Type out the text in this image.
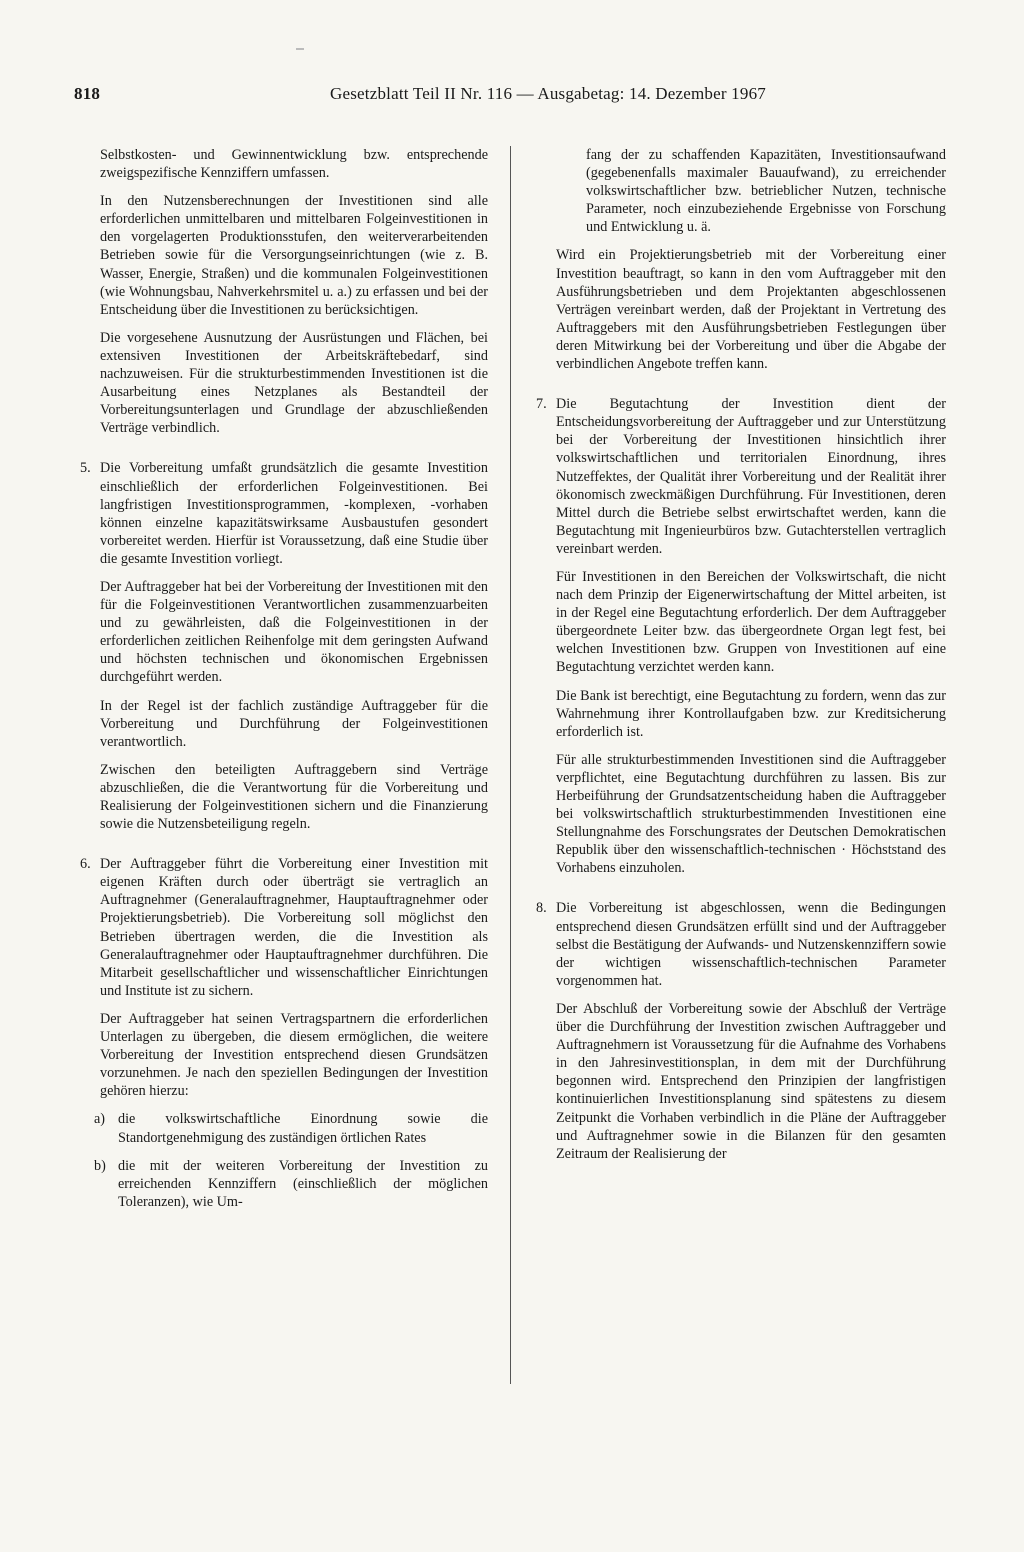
818	Gesetzblatt Teil II Nr. 116 — Ausgabetag: 14. Dezember 1967

Selbstkosten- und Gewinnentwicklung bzw. entsprechende zweigspezifische Kennziffern umfassen.

In den Nutzensberechnungen der Investitionen sind alle erforderlichen unmittelbaren und mittelbaren Folgeinvestitionen in den vorgelagerten Produktionsstufen, den weiterverarbeitenden Betrieben sowie für die Versorgungseinrichtungen (wie z. B. Wasser, Energie, Straßen) und die kommunalen Folgeinvestitionen (wie Wohnungsbau, Nahverkehrsmitel u. a.) zu erfassen und bei der Entscheidung über die Investitionen zu berücksichtigen.

Die vorgesehene Ausnutzung der Ausrüstungen und Flächen, bei extensiven Investitionen der Arbeitskräftebedarf, sind nachzuweisen. Für die strukturbestimmenden Investitionen ist die Ausarbeitung eines Netzplanes als Bestandteil der Vorbereitungsunterlagen und Grundlage der abzuschließenden Verträge verbindlich.

5. Die Vorbereitung umfaßt grundsätzlich die gesamte Investition einschließlich der erforderlichen Folgeinvestitionen. Bei langfristigen Investitionsprogrammen, -komplexen, -vorhaben können einzelne kapazitätswirksame Ausbaustufen gesondert vorbereitet werden. Hierfür ist Voraussetzung, daß eine Studie über die gesamte Investition vorliegt.

Der Auftraggeber hat bei der Vorbereitung der Investitionen mit den für die Folgeinvestitionen Verantwortlichen zusammenzuarbeiten und zu gewährleisten, daß die Folgeinvestitionen in der erforderlichen zeitlichen Reihenfolge mit dem geringsten Aufwand und höchsten technischen und ökonomischen Ergebnissen durchgeführt werden.

In der Regel ist der fachlich zuständige Auftraggeber für die Vorbereitung und Durchführung der Folgeinvestitionen verantwortlich.

Zwischen den beteiligten Auftraggebern sind Verträge abzuschließen, die die Verantwortung für die Vorbereitung und Realisierung der Folgeinvestitionen sichern und die Finanzierung sowie die Nutzensbeteiligung regeln.

6. Der Auftraggeber führt die Vorbereitung einer Investition mit eigenen Kräften durch oder überträgt sie vertraglich an Auftragnehmer (Generalauftragnehmer, Hauptauftragnehmer oder Projektierungsbetrieb). Die Vorbereitung soll möglichst den Betrieben übertragen werden, die die Investition als Generalauftragnehmer oder Hauptauftragnehmer durchführen. Die Mitarbeit gesellschaftlicher und wissenschaftlicher Einrichtungen und Institute ist zu sichern.

Der Auftraggeber hat seinen Vertragspartnern die erforderlichen Unterlagen zu übergeben, die diesem ermöglichen, die weitere Vorbereitung der Investition entsprechend diesen Grundsätzen vorzunehmen. Je nach den speziellen Bedingungen der Investition gehören hierzu:

a) die volkswirtschaftliche Einordnung sowie die Standortgenehmigung des zuständigen örtlichen Rates

b) die mit der weiteren Vorbereitung der Investition zu erreichenden Kennziffern (einschließlich der möglichen Toleranzen), wie Um-

fang der zu schaffenden Kapazitäten, Investitionsaufwand (gegebenenfalls maximaler Bauaufwand), zu erreichender volkswirtschaftlicher bzw. betrieblicher Nutzen, technische Parameter, noch einzubeziehende Ergebnisse von Forschung und Entwicklung u. ä.

Wird ein Projektierungsbetrieb mit der Vorbereitung einer Investition beauftragt, so kann in den vom Auftraggeber mit den Ausführungsbetrieben und dem Projektanten abgeschlossenen Verträgen vereinbart werden, daß der Projektant in Vertretung des Auftraggebers mit den Ausführungsbetrieben Festlegungen über deren Mitwirkung bei der Vorbereitung und über die Abgabe der verbindlichen Angebote treffen kann.

7. Die Begutachtung der Investition dient der Entscheidungsvorbereitung der Auftraggeber und zur Unterstützung bei der Vorbereitung der Investitionen hinsichtlich ihrer volkswirtschaftlichen und territorialen Einordnung, ihres Nutzeffektes, der Qualität ihrer Vorbereitung und der Realität ihrer ökonomisch zweckmäßigen Durchführung. Für Investitionen, deren Mittel durch die Betriebe selbst erwirtschaftet werden, kann die Begutachtung mit Ingenieurbüros bzw. Gutachterstellen vertraglich vereinbart werden.

Für Investitionen in den Bereichen der Volkswirtschaft, die nicht nach dem Prinzip der Eigenerwirtschaftung der Mittel arbeiten, ist in der Regel eine Begutachtung erforderlich. Der dem Auftraggeber übergeordnete Leiter bzw. das übergeordnete Organ legt fest, bei welchen Investitionen bzw. Gruppen von Investitionen auf eine Begutachtung verzichtet werden kann.

Die Bank ist berechtigt, eine Begutachtung zu fordern, wenn das zur Wahrnehmung ihrer Kontrollaufgaben bzw. zur Kreditsicherung erforderlich ist.

Für alle strukturbestimmenden Investitionen sind die Auftraggeber verpflichtet, eine Begutachtung durchführen zu lassen. Bis zur Herbeiführung der Grundsatzentscheidung haben die Auftraggeber bei volkswirtschaftlich strukturbestimmenden Investitionen eine Stellungnahme des Forschungsrates der Deutschen Demokratischen Republik über den wissenschaftlich-technischen · Höchststand des Vorhabens einzuholen.

8. Die Vorbereitung ist abgeschlossen, wenn die Bedingungen entsprechend diesen Grundsätzen erfüllt sind und der Auftraggeber selbst die Bestätigung der Aufwands- und Nutzenskennziffern sowie der wichtigen wissenschaftlich-technischen Parameter vorgenommen hat.

Der Abschluß der Vorbereitung sowie der Abschluß der Verträge über die Durchführung der Investition zwischen Auftraggeber und Auftragnehmern ist Voraussetzung für die Aufnahme des Vorhabens in den Jahresinvestitionsplan, in dem mit der Durchführung begonnen wird. Entsprechend den Prinzipien der langfristigen kontinuierlichen Investitionsplanung sind spätestens zu diesem Zeitpunkt die Vorhaben verbindlich in die Pläne der Auftraggeber und Auftragnehmer sowie in die Bilanzen für den gesamten Zeitraum der Realisierung der
